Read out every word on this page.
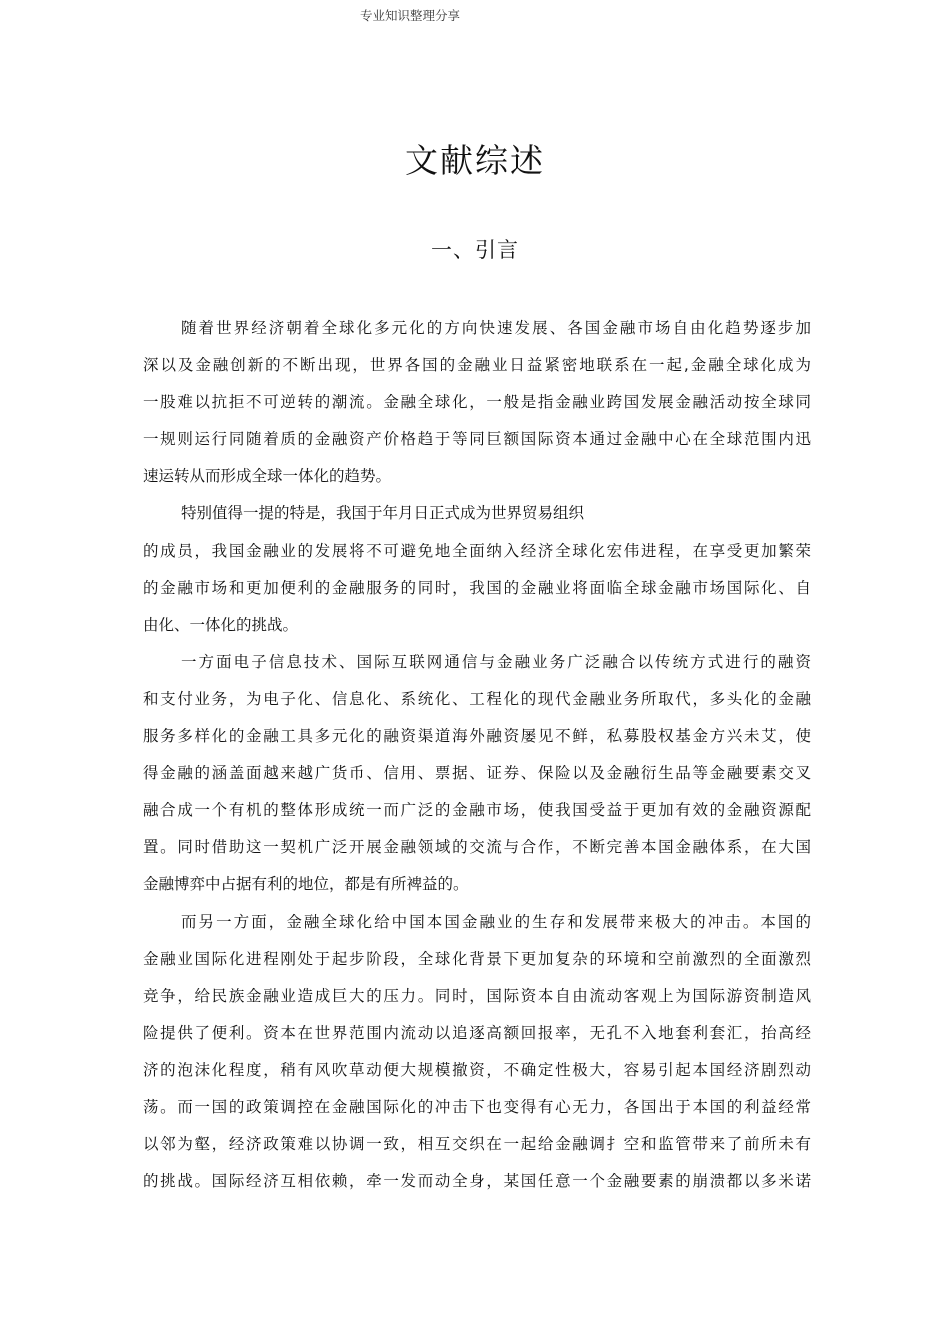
专业知识整理分享
文献综述
一、引言
随着世界经济朝着全球化多元化的方向快速发展、各国金融市场自由化趋势逐步加
深以及金融创新的不断出现，世界各国的金融业日益紧密地联系在一起,金融全球化成为
一股难以抗拒不可逆转的潮流。金融全球化，一般是指金融业跨国发展金融活动按全球同
一规则运行同随着质的金融资产价格趋于等同巨额国际资本通过金融中心在全球范围内迅
速运转从而形成全球一体化的趋势。
特别值得一提的特是，我国于年月日正式成为世界贸易组织
的成员，我国金融业的发展将不可避免地全面纳入经济全球化宏伟进程，在享受更加繁荣
的金融市场和更加便利的金融服务的同时，我国的金融业将面临全球金融市场国际化、自
由化、一体化的挑战。
一方面电子信息技术、国际互联网通信与金融业务广泛融合以传统方式进行的融资
和支付业务，为电子化、信息化、系统化、工程化的现代金融业务所取代，多头化的金融
服务多样化的金融工具多元化的融资渠道海外融资屡见不鲜，私募股权基金方兴未艾，使
得金融的涵盖面越来越广货币、信用、票据、证券、保险以及金融衍生品等金融要素交叉
融合成一个有机的整体形成统一而广泛的金融市场，使我国受益于更加有效的金融资源配
置。同时借助这一契机广泛开展金融领域的交流与合作，不断完善本国金融体系，在大国
金融博弈中占据有利的地位，都是有所裨益的。
而另一方面，金融全球化给中国本国金融业的生存和发展带来极大的冲击。本国的
金融业国际化进程刚处于起步阶段，全球化背景下更加复杂的环境和空前激烈的全面激烈
竞争，给民族金融业造成巨大的压力。同时，国际资本自由流动客观上为国际游资制造风
险提供了便利。资本在世界范围内流动以追逐高额回报率，无孔不入地套利套汇，抬高经
济的泡沫化程度，稍有风吹草动便大规模撤资，不确定性极大，容易引起本国经济剧烈动
荡。而一国的政策调控在金融国际化的冲击下也变得有心无力，各国出于本国的利益经常
以邻为壑，经济政策难以协调一致，相互交织在一起给金融调扌空和监管带来了前所未有
的挑战。国际经济互相依赖，牵一发而动全身，某国任意一个金融要素的崩溃都以多米诺
